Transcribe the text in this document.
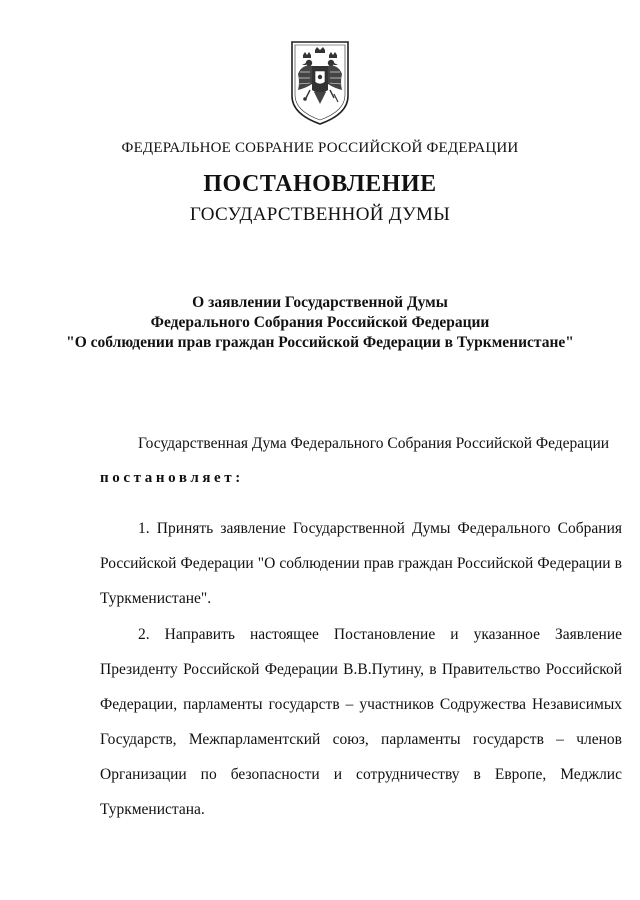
ФЕДЕРАЛЬНОЕ СОБРАНИЕ РОССИЙСКОЙ ФЕДЕРАЦИИ
ПОСТАНОВЛЕНИЕ
ГОСУДАРСТВЕННОЙ ДУМЫ
О заявлении Государственной Думы
Федерального Собрания Российской Федерации
"О соблюдении прав граждан Российской Федерации в Туркменистане"
Государственная Дума Федерального Собрания Российской Федерации
постановляет:
1. Принять заявление Государственной Думы Федерального Собрания Российской Федерации "О соблюдении прав граждан Российской Федерации в Туркменистане".
2. Направить настоящее Постановление и указанное Заявление Президенту Российской Федерации В.В.Путину, в Правительство Российской Федерации, парламенты государств – участников Содружества Независимых Государств, Межпарламентский союз, парламенты государств – членов Организации по безопасности и сотрудничеству в Европе, Меджлис Туркменистана.
